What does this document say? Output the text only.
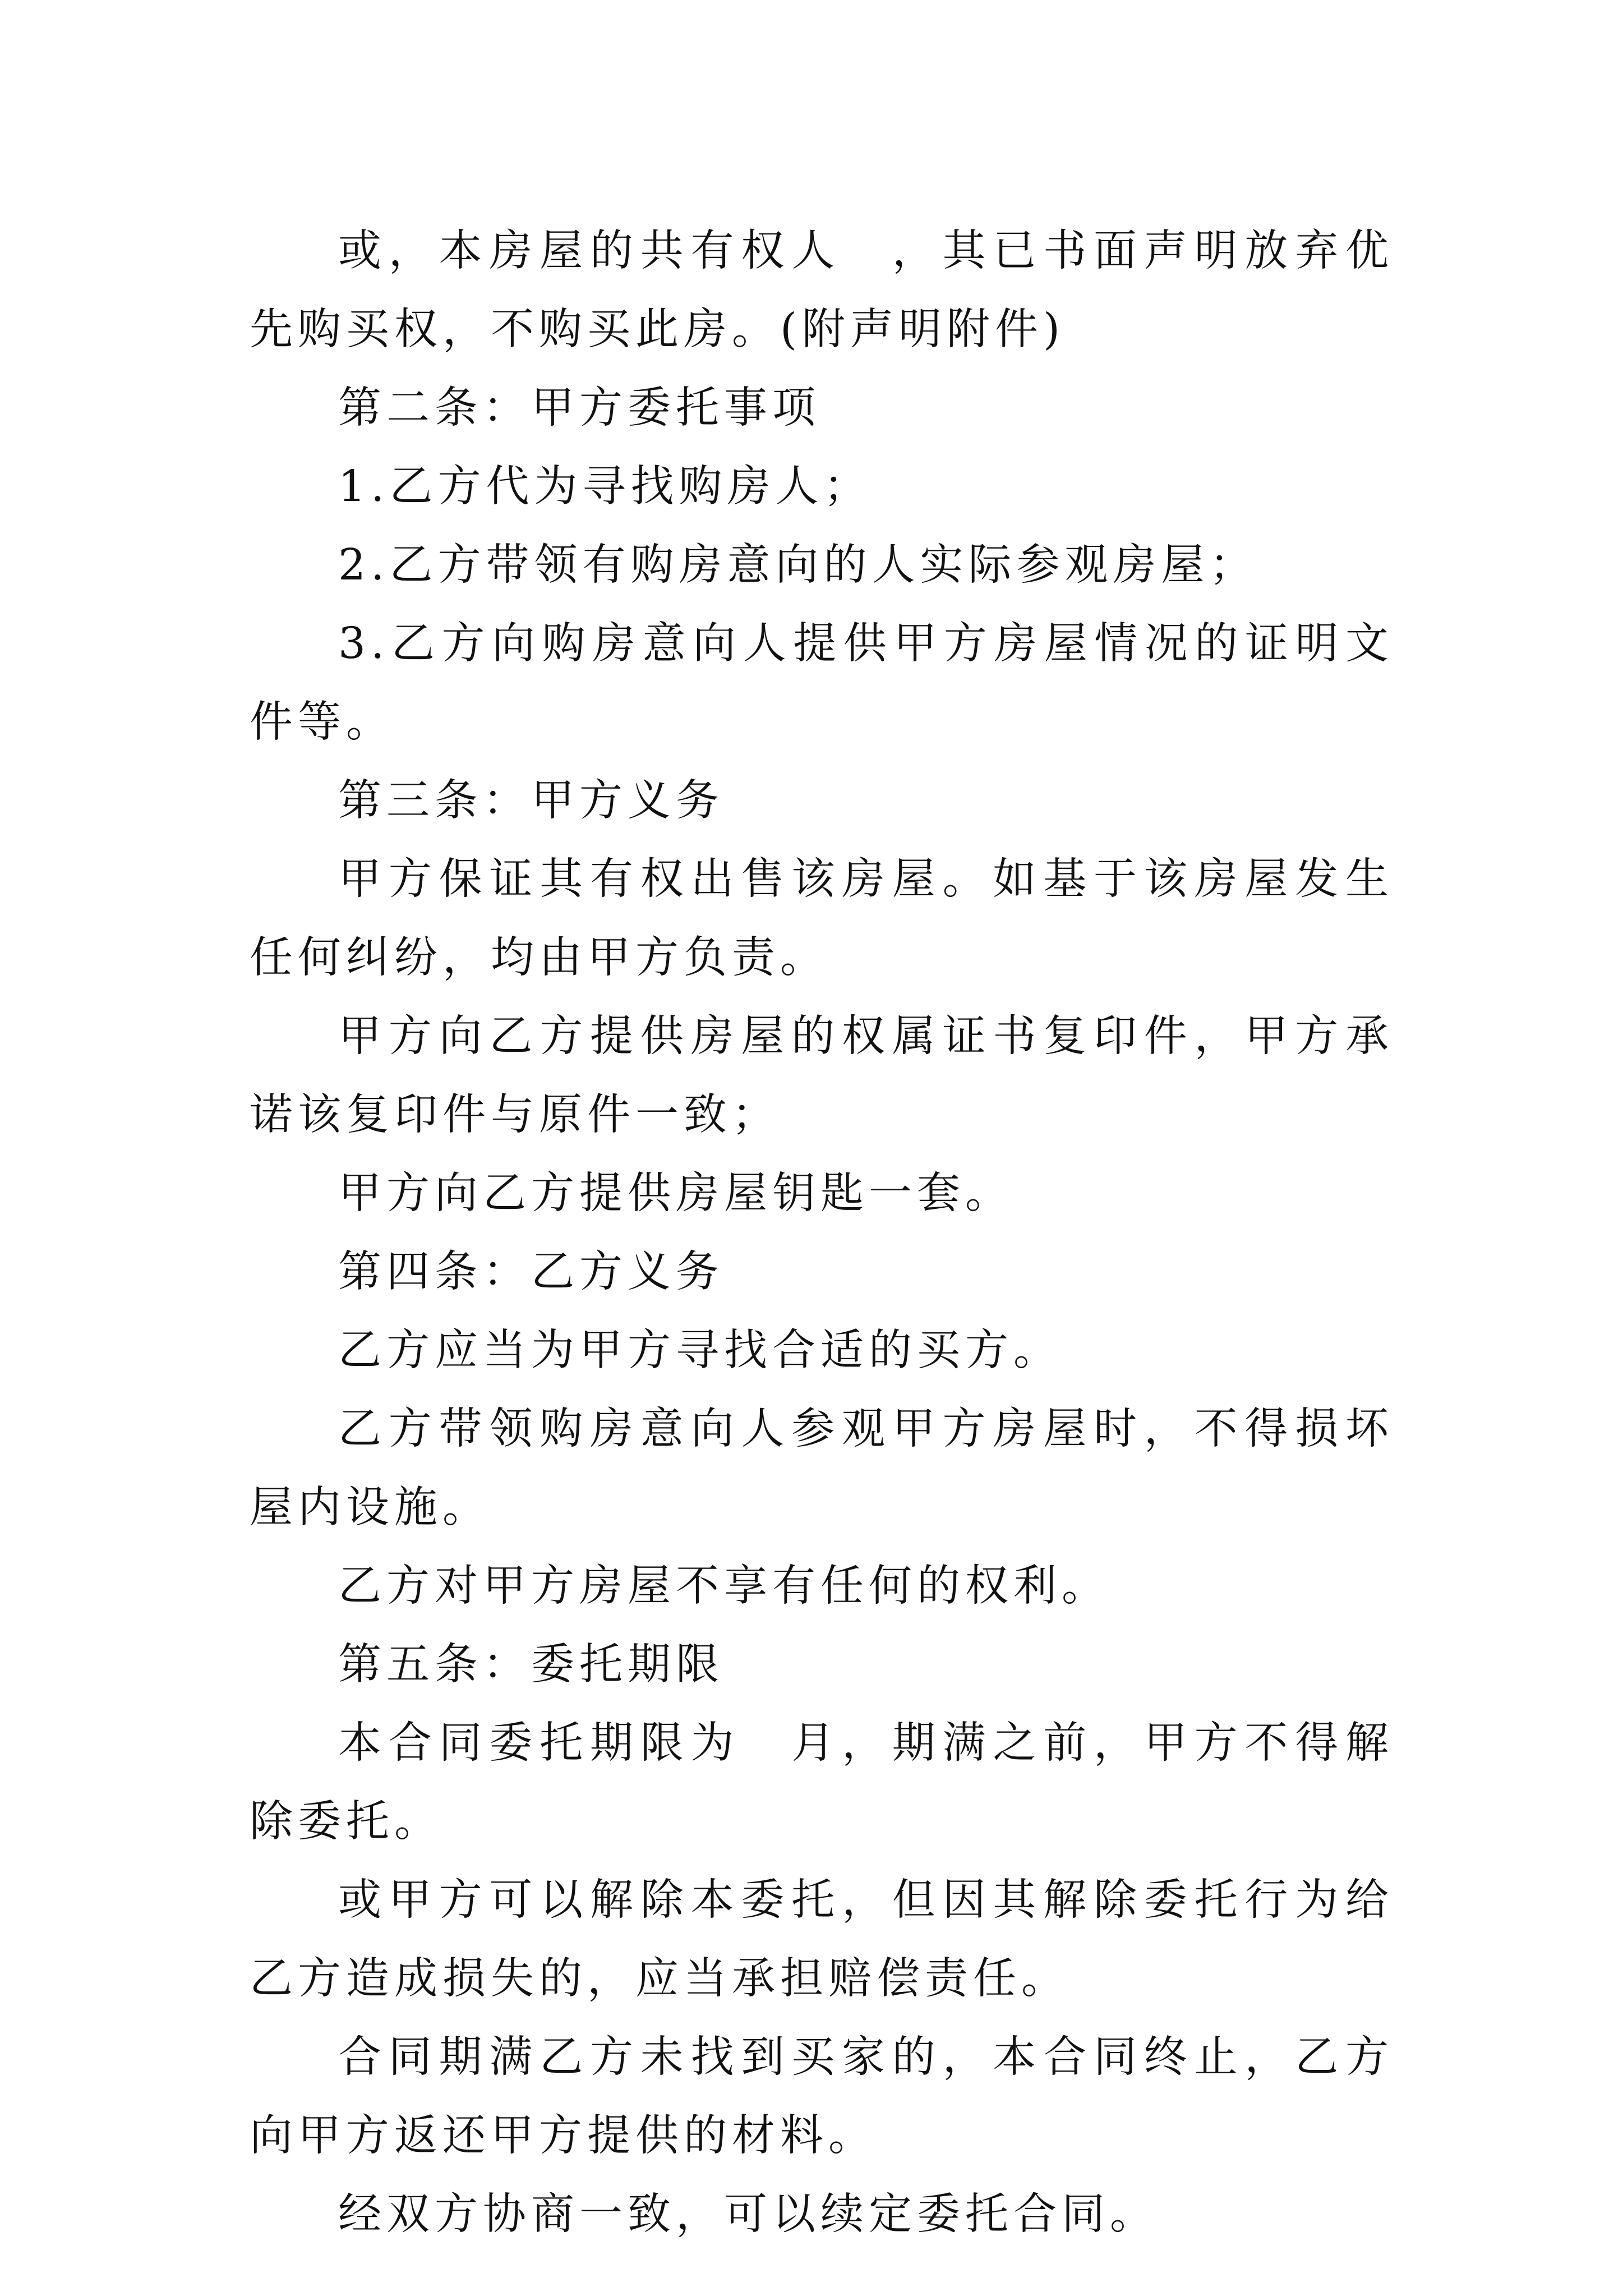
或，本房屋的共有权人　，其已书面声明放弃优先购买权，不购买此房。(附声明附件)

第二条：甲方委托事项

1.乙方代为寻找购房人；

2.乙方带领有购房意向的人实际参观房屋；

3.乙方向购房意向人提供甲方房屋情况的证明文件等。

第三条：甲方义务

甲方保证其有权出售该房屋。如基于该房屋发生任何纠纷，均由甲方负责。

甲方向乙方提供房屋的权属证书复印件，甲方承诺该复印件与原件一致；

甲方向乙方提供房屋钥匙一套。

第四条：乙方义务

乙方应当为甲方寻找合适的买方。

乙方带领购房意向人参观甲方房屋时，不得损坏屋内设施。

乙方对甲方房屋不享有任何的权利。

第五条：委托期限

本合同委托期限为　月，期满之前，甲方不得解除委托。

或甲方可以解除本委托，但因其解除委托行为给乙方造成损失的，应当承担赔偿责任。

合同期满乙方未找到买家的，本合同终止，乙方向甲方返还甲方提供的材料。

经双方协商一致，可以续定委托合同。
